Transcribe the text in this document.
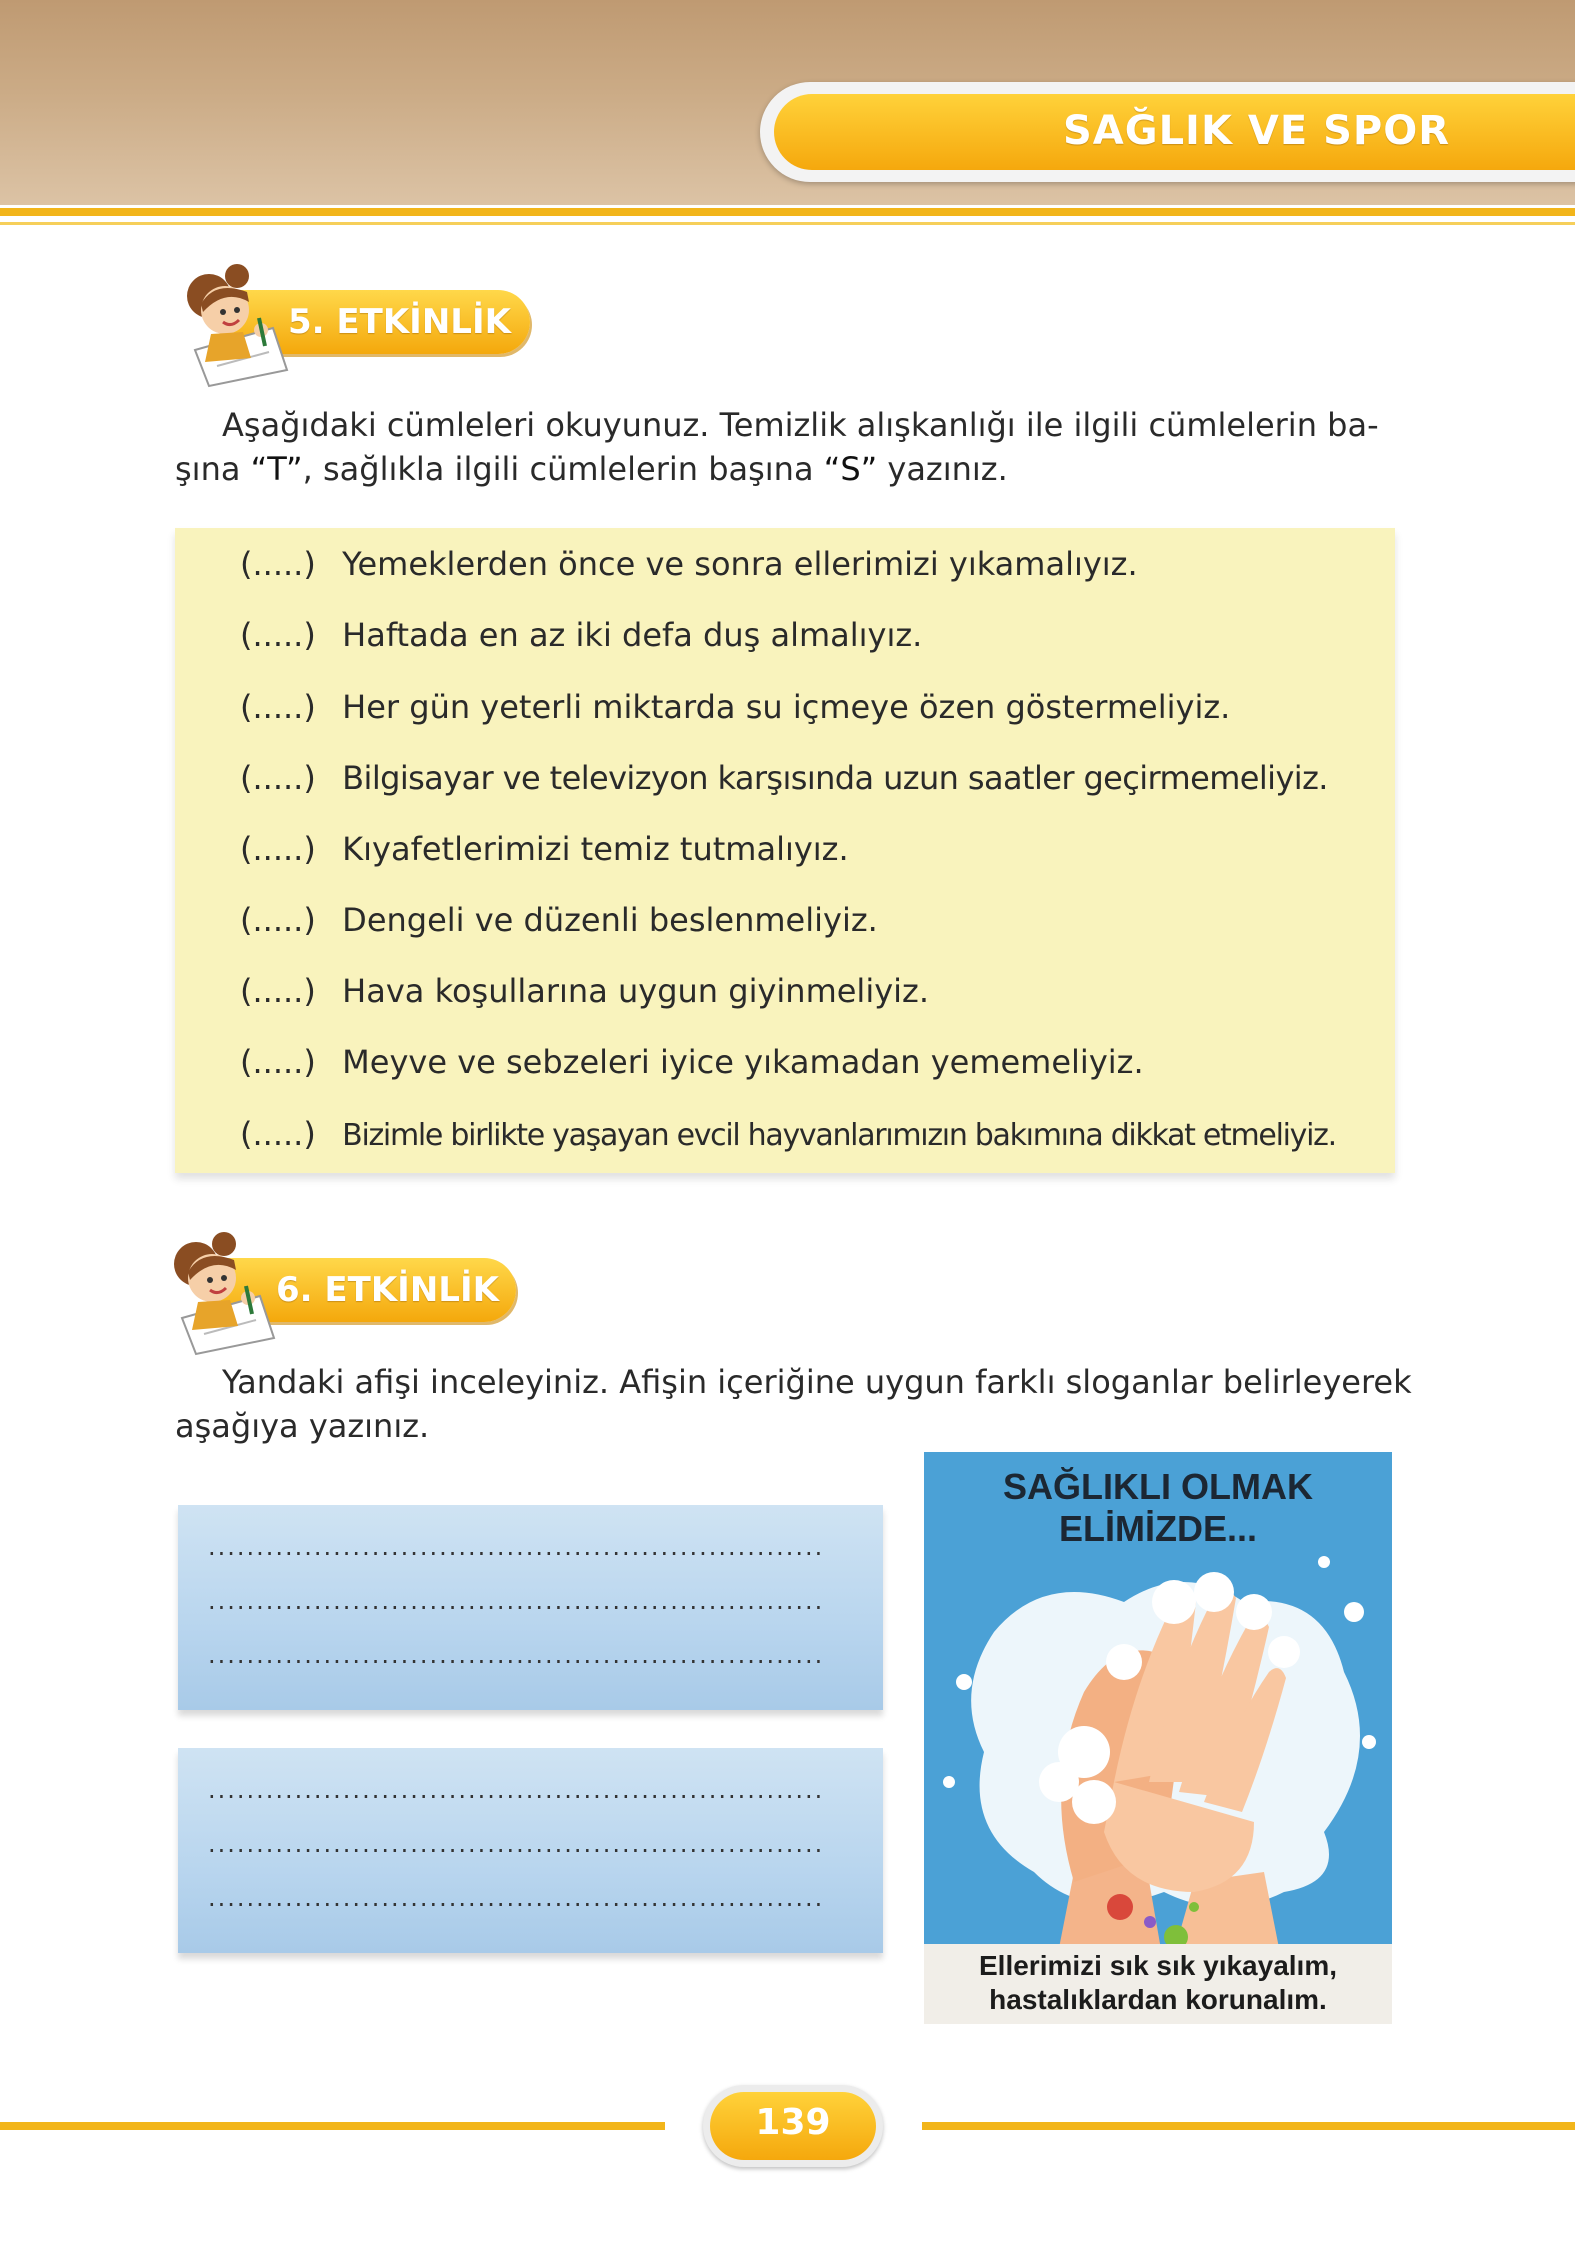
SAĞLIK VE SPOR
5. ETKİNLİK
Aşağıdaki cümleleri okuyunuz. Temizlik alışkanlığı ile ilgili cümlelerin ba-
şına “T”, sağlıkla ilgili cümlelerin başına “S” yazınız.
(.....) Yemeklerden önce ve sonra ellerimizi yıkamalıyız.
(.....) Haftada en az iki defa duş almalıyız.
(.....) Her gün yeterli miktarda su içmeye özen göstermeliyiz.
(.....) Bilgisayar ve televizyon karşısında uzun saatler geçirmemeliyiz.
(.....) Kıyafetlerimizi temiz tutmalıyız.
(.....) Dengeli ve düzenli beslenmeliyiz.
(.....) Hava koşullarına uygun giyinmeliyiz.
(.....) Meyve ve sebzeleri iyice yıkamadan yememeliyiz.
(.....) Bizimle birlikte yaşayan evcil hayvanlarımızın bakımına dikkat etmeliyiz.
6. ETKİNLİK
Yandaki afişi inceleyiniz. Afişin içeriğine uygun farklı sloganlar belirleyerek
aşağıya yazınız.
................................................................
................................................................
................................................................
................................................................
................................................................
................................................................
SAĞLIKLI OLMAK
ELİMİZDE...
Ellerimizi sık sık yıkayalım,
hastalıklardan korunalım.
139
